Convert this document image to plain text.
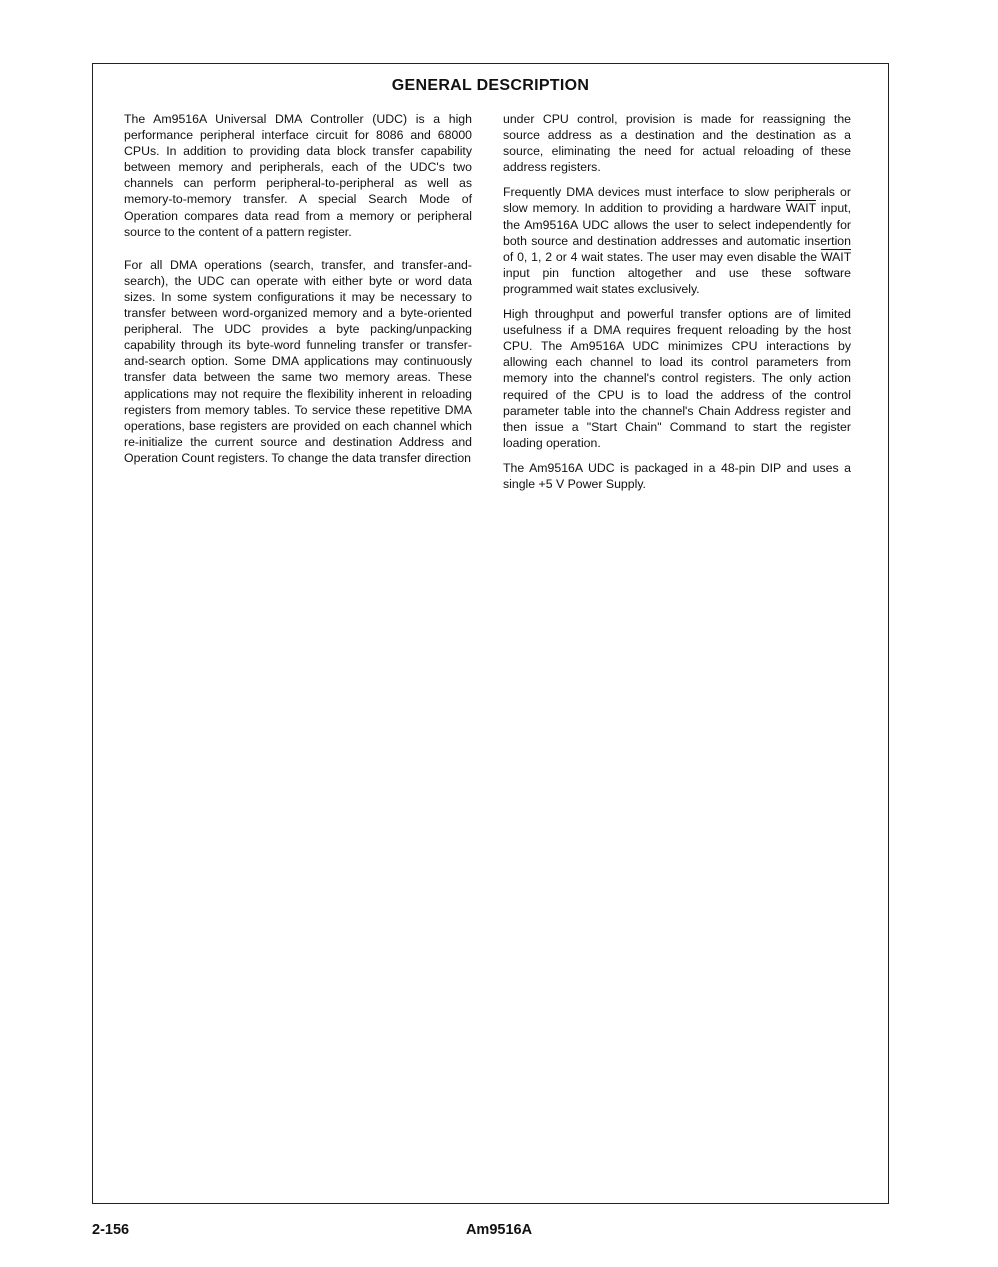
GENERAL DESCRIPTION

The Am9516A Universal DMA Controller (UDC) is a high performance peripheral interface circuit for 8086 and 68000 CPUs. In addition to providing data block transfer capability between memory and peripherals, each of the UDC's two channels can perform peripheral-to-peripheral as well as memory-to-memory transfer. A special Search Mode of Operation compares data read from a memory or peripheral source to the content of a pattern register.

For all DMA operations (search, transfer, and transfer-and-search), the UDC can operate with either byte or word data sizes. In some system configurations it may be necessary to transfer between word-organized memory and a byte-oriented peripheral. The UDC provides a byte packing/unpacking capability through its byte-word funneling transfer or transfer-and-search option. Some DMA applications may continuously transfer data between the same two memory areas. These applications may not require the flexibility inherent in reloading registers from memory tables. To service these repetitive DMA operations, base registers are provided on each channel which re-initialize the current source and destination Address and Operation Count registers. To change the data transfer direction

under CPU control, provision is made for reassigning the source address as a destination and the destination as a source, eliminating the need for actual reloading of these address registers.

Frequently DMA devices must interface to slow peripherals or slow memory. In addition to providing a hardware WAIT input, the Am9516A UDC allows the user to select independently for both source and destination addresses and automatic insertion of 0, 1, 2 or 4 wait states. The user may even disable the WAIT input pin function altogether and use these software programmed wait states exclusively.

High throughput and powerful transfer options are of limited usefulness if a DMA requires frequent reloading by the host CPU. The Am9516A UDC minimizes CPU interactions by allowing each channel to load its control parameters from memory into the channel's control registers. The only action required of the CPU is to load the address of the control parameter table into the channel's Chain Address register and then issue a "Start Chain" Command to start the register loading operation.

The Am9516A UDC is packaged in a 48-pin DIP and uses a single +5 V Power Supply.

2-156	Am9516A
